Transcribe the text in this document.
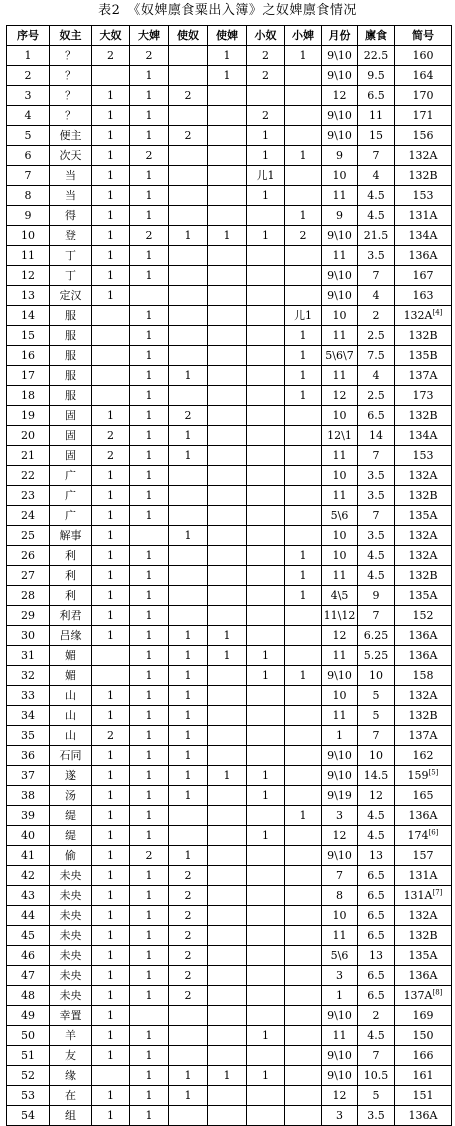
表2　《奴婢廪食粟出入簿》之奴婢廪食情况
序号	奴主	大奴	大婢	使奴	使婢	小奴	小婢	月份	廪食	简号
1	？	2	2		1	2	1	9\10	22.5	160
2	？		1		1	2		9\10	9.5	164
3	？	1	1	2				12	6.5	170
4	？	1	1			2		9\10	11	171
5	便主	1	1	2		1		9\10	15	156
6	次天	1	2			1	1	9	7	132A
7	当	1	1			儿1		10	4	132B
8	当	1	1			1		11	4.5	153
9	得	1	1				1	9	4.5	131A
10	登	1	2	1	1	1	2	9\10	21.5	134A
11	丁	1	1					11	3.5	136A
12	丁	1	1					9\10	7	167
13	定汉	1						9\10	4	163
14	服		1				儿1	10	2	132A[4]
15	服		1				1	11	2.5	132B
16	服		1				1	5\6\7	7.5	135B
17	服		1	1			1	11	4	137A
18	服		1				1	12	2.5	173
19	固	1	1	2				10	6.5	132B
20	固	2	1	1				12\1	14	134A
21	固	2	1	1				11	7	153
22	广	1	1					10	3.5	132A
23	广	1	1					11	3.5	132B
24	广	1	1					5\6	7	135A
25	解事	1		1				10	3.5	132A
26	利	1	1				1	10	4.5	132A
27	利	1	1				1	11	4.5	132B
28	利	1	1				1	4\5	9	135A
29	利君	1	1					11\12	7	152
30	吕缘	1	1	1	1			12	6.25	136A
31	媚		1	1	1	1		11	5.25	136A
32	媚		1	1		1	1	9\10	10	158
33	山	1	1	1				10	5	132A
34	山	1	1	1				11	5	132B
35	山	2	1	1				1	7	137A
36	石同	1	1	1				9\10	10	162
37	遂	1	1	1	1	1		9\10	14.5	159[5]
38	汤	1	1	1		1		9\19	12	165
39	缇	1	1				1	3	4.5	136A
40	缇	1	1			1		12	4.5	174[6]
41	偷	1	2	1				9\10	13	157
42	未央	1	1	2				7	6.5	131A
43	未央	1	1	2				8	6.5	131A[7]
44	未央	1	1	2				10	6.5	132A
45	未央	1	1	2				11	6.5	132B
46	未央	1	1	2				5\6	13	135A
47	未央	1	1	2				3	6.5	136A
48	未央	1	1	2				1	6.5	137A[8]
49	幸置	1						9\10	2	169
50	羊	1	1			1		11	4.5	150
51	友	1	1					9\10	7	166
52	缘		1	1	1	1		9\10	10.5	161
53	在	1	1	1				12	5	151
54	组	1	1					3	3.5	136A
